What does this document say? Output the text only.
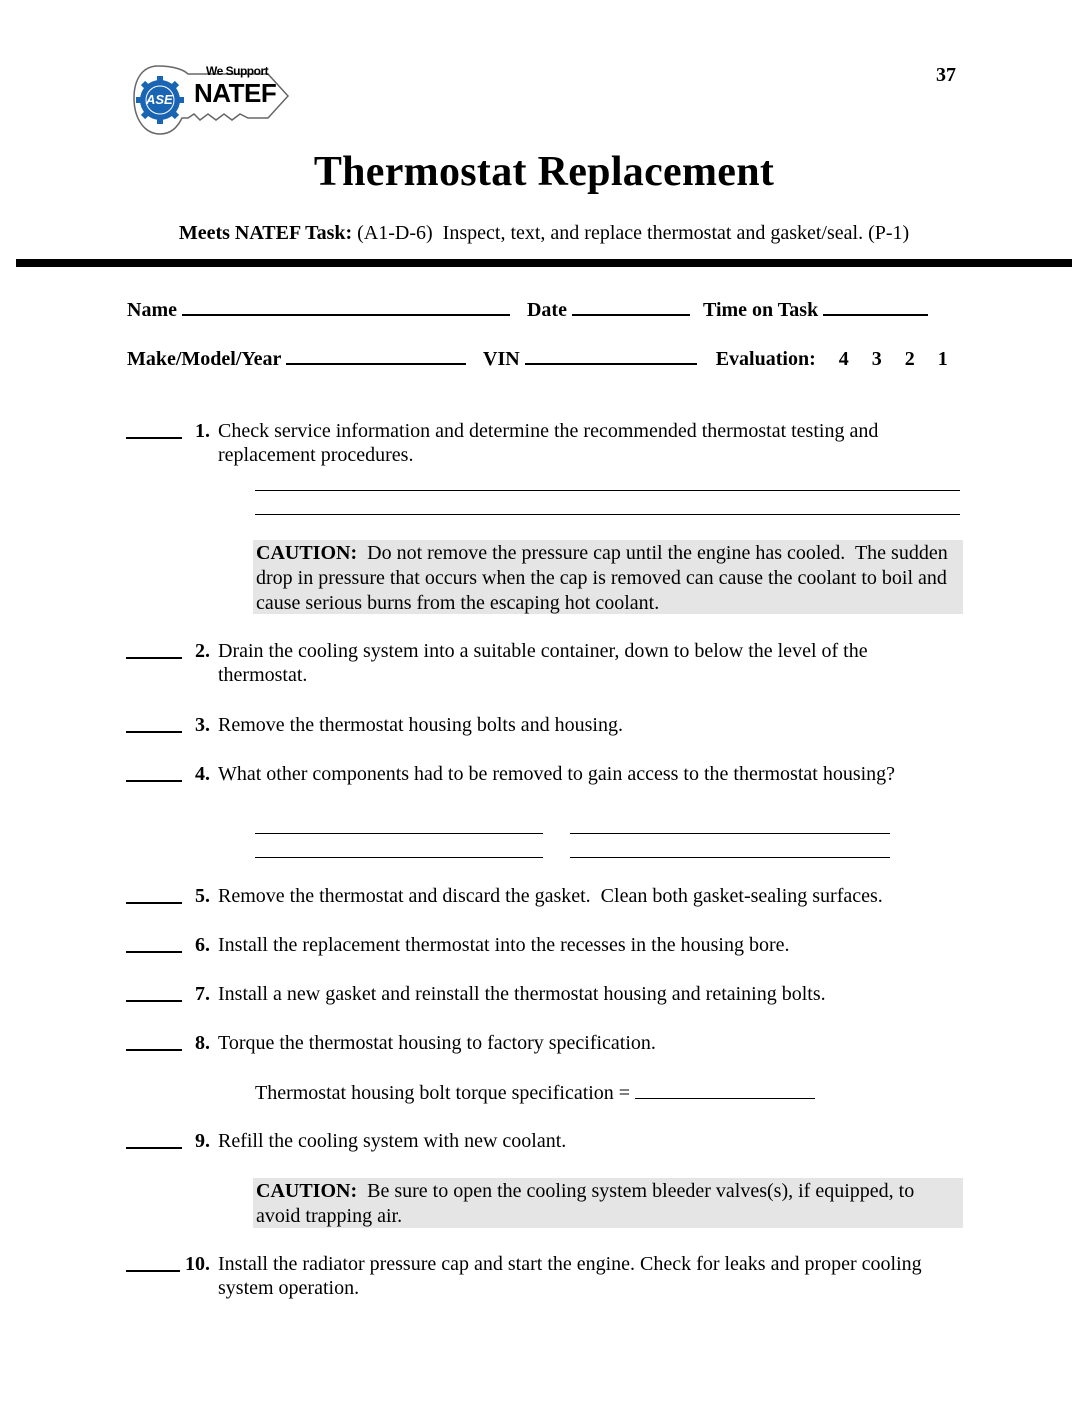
We Support
NATEF
ASE
37
Thermostat Replacement
Meets NATEF Task: (A1-D-6)  Inspect, text, and replace thermostat and gasket/seal. (P-1)
Name	Date	Time on Task
Make/Model/Year	VIN	Evaluation: 4 3 2 1
1. Check service information and determine the recommended thermostat testing and replacement procedures.
CAUTION:  Do not remove the pressure cap until the engine has cooled.  The sudden drop in pressure that occurs when the cap is removed can cause the coolant to boil and cause serious burns from the escaping hot coolant.
2. Drain the cooling system into a suitable container, down to below the level of the thermostat.
3. Remove the thermostat housing bolts and housing.
4. What other components had to be removed to gain access to the thermostat housing?
5. Remove the thermostat and discard the gasket.  Clean both gasket-sealing surfaces.
6. Install the replacement thermostat into the recesses in the housing bore.
7. Install a new gasket and reinstall the thermostat housing and retaining bolts.
8. Torque the thermostat housing to factory specification.
Thermostat housing bolt torque specification =
9. Refill the cooling system with new coolant.
CAUTION:  Be sure to open the cooling system bleeder valves(s), if equipped, to avoid trapping air.
10. Install the radiator pressure cap and start the engine. Check for leaks and proper cooling system operation.
